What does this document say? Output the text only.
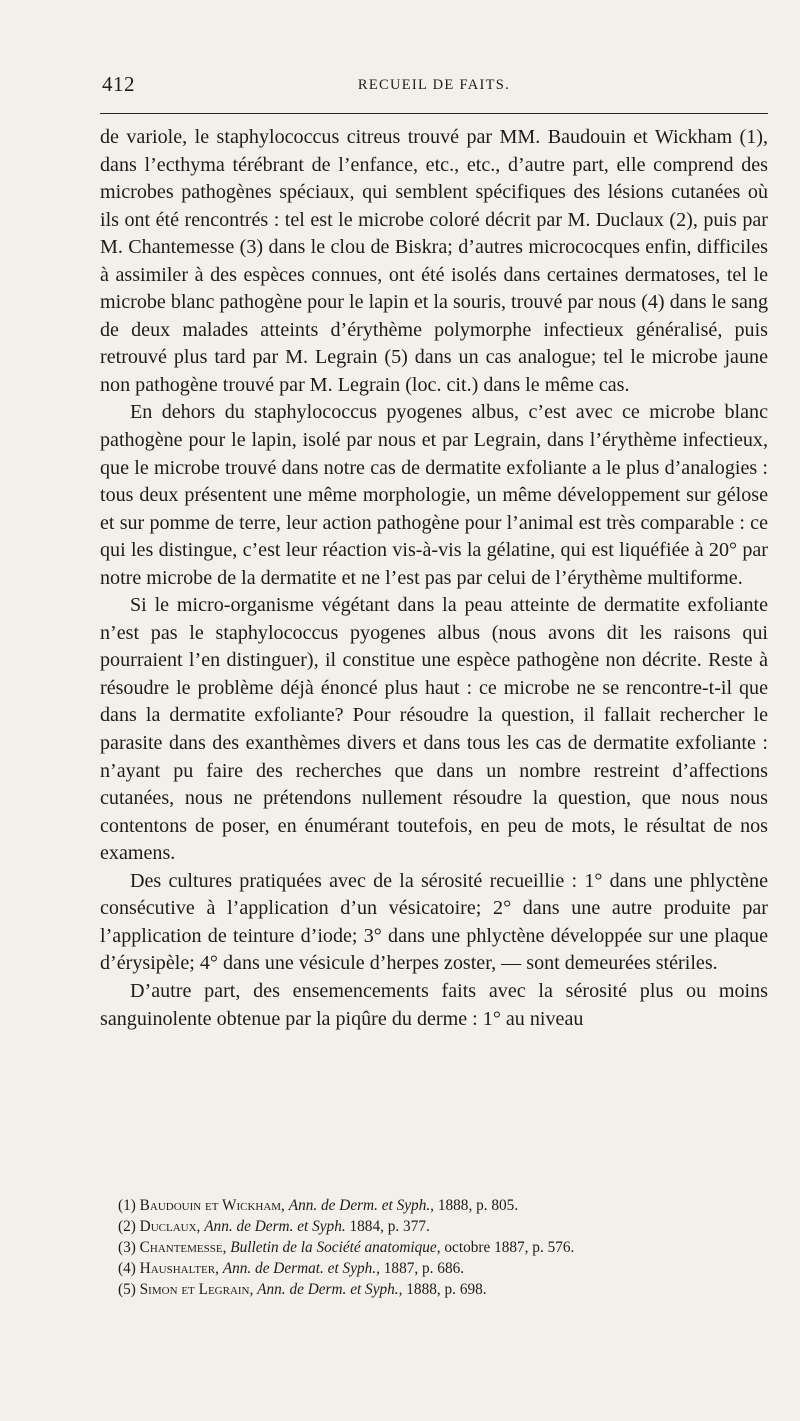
412	RECUEIL DE FAITS.

de variole, le staphylococcus citreus trouvé par MM. Baudouin et Wickham (1), dans l’ecthyma térébrant de l’enfance, etc., etc., d’autre part, elle comprend des microbes pathogènes spéciaux, qui semblent spécifiques des lésions cutanées où ils ont été rencontrés : tel est le microbe coloré décrit par M. Duclaux (2), puis par M. Chantemesse (3) dans le clou de Biskra; d’autres micrococques enfin, difficiles à assimiler à des espèces connues, ont été isolés dans certaines dermatoses, tel le microbe blanc pathogène pour le lapin et la souris, trouvé par nous (4) dans le sang de deux malades atteints d’érythème polymorphe infectieux généralisé, puis retrouvé plus tard par M. Legrain (5) dans un cas analogue; tel le microbe jaune non pathogène trouvé par M. Legrain (loc. cit.) dans le même cas.

En dehors du staphylococcus pyogenes albus, c’est avec ce microbe blanc pathogène pour le lapin, isolé par nous et par Legrain, dans l’érythème infectieux, que le microbe trouvé dans notre cas de dermatite exfoliante a le plus d’analogies : tous deux présentent une même morphologie, un même développement sur gélose et sur pomme de terre, leur action pathogène pour l’animal est très comparable : ce qui les distingue, c’est leur réaction vis-à-vis la gélatine, qui est liquéfiée à 20° par notre microbe de la dermatite et ne l’est pas par celui de l’érythème multiforme.

Si le micro-organisme végétant dans la peau atteinte de dermatite exfoliante n’est pas le staphylococcus pyogenes albus (nous avons dit les raisons qui pourraient l’en distinguer), il constitue une espèce pathogène non décrite. Reste à résoudre le problème déjà énoncé plus haut : ce microbe ne se rencontre-t-il que dans la dermatite exfoliante? Pour résoudre la question, il fallait rechercher le parasite dans des exanthèmes divers et dans tous les cas de dermatite exfoliante : n’ayant pu faire des recherches que dans un nombre restreint d’affections cutanées, nous ne prétendons nullement résoudre la question, que nous nous contentons de poser, en énumérant toutefois, en peu de mots, le résultat de nos examens.

Des cultures pratiquées avec de la sérosité recueillie : 1° dans une phlyctène consécutive à l’application d’un vésicatoire; 2° dans une autre produite par l’application de teinture d’iode; 3° dans une phlyctène développée sur une plaque d’érysipèle; 4° dans une vésicule d’herpes zoster, — sont demeurées stériles.

D’autre part, des ensemencements faits avec la sérosité plus ou moins sanguinolente obtenue par la piqûre du derme : 1° au niveau

(1) Baudouin et Wickham, Ann. de Derm. et Syph., 1888, p. 805.
(2) Duclaux, Ann. de Derm. et Syph. 1884, p. 377.
(3) Chantemesse, Bulletin de la Société anatomique, octobre 1887, p. 576.
(4) Haushalter, Ann. de Dermat. et Syph., 1887, p. 686.
(5) Simon et Legrain, Ann. de Derm. et Syph., 1888, p. 698.
